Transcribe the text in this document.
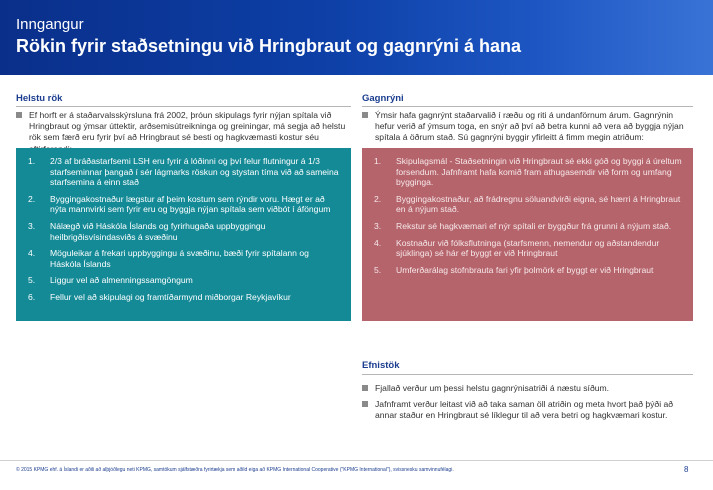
Inngangur
Rökin fyrir staðsetningu við Hringbraut og gagnrýni á hana
Helstu rök
Ef horft er á staðarvalsskýrsluna frá 2002, þróun skipulags fyrir nýjan spítala við Hringbraut og ýmsar úttektir, arðsemisútreikninga og greiningar, má segja að helstu rök sem færð eru fyrir því að Hringbraut sé besti og hagkvæmasti kostur séu
1.	2/3 af bráðastarfsemi LSH eru fyrir á lóðinni og því felur flutningur á 1/3 starfseminnar þangað í sér lágmarks röskun og stystan tíma við að sameina starfsemina á einn stað
2.	Byggingakostnaður lægstur af þeim kostum sem rýndir voru. Hægt er að nýta mannvirki sem fyrir eru og byggja nýjan spítala sem viðbót í áföngum
3.	Nálægð við Háskóla Íslands og fyrirhugaða uppbyggingu heilbrigðisvísindasviðs á svæðinu
4.	Möguleikar á frekari uppbyggingu á svæðinu, bæði fyrir spítalann og Háskóla Íslands
5.	Liggur vel að almenningssamgöngum
6.	Fellur vel að skipulagi og framtíðarmynd miðborgar Reykjavíkur
Gagnrýni
Ýmsir hafa gagnrýnt staðarvalið í ræðu og riti á undanförnum árum. Gagnrýnin hefur verið af ýmsum toga, en snýr að því að betra kunni að vera að byggja nýjan spítala á öðrum stað. Sú gagnrýni byggir yfirleitt á fimm megin atriðum:
1.	Skipulagsmál - Staðsetningin við Hringbraut sé ekki góð og byggi á úreltum forsendum. Jafnframt hafa komið fram athugasemdir við form og umfang byggingа.
2.	Byggingakostnaður, að frádregnu söluandvirði eigna, sé hærri á Hringbraut en á nýjum stað.
3.	Rekstur sé hagkvæmari ef nýr spítali er byggður frá grunni á nýjum stað.
4.	Kostnaður við fólksflutninga (starfsmenn, nemendur og aðstandendur sjúklinga) sé hár ef byggt er við Hringbraut
5.	Umferðarálag stofnbrauta fari yfir þolmörk ef byggt er við Hringbraut
Efnistök
Fjallað verður um þessi helstu gagnrýnisatriði á næstu síðum.
Jafnframt verður leitast við að taka saman öll atriðin og meta hvort það þýði að annar staður en Hringbraut sé líklegur til að vera betri og hagkvæmari kostur.
© 2015 KPMG ehf. á Íslandi er aðili að alþjóðlegu neti KPMG, samtökum sjálfstæðra fyrirtækja sem aðild eiga að KPMG International Cooperative ("KPMG International"), svissnesku samvinnufélagi.	8
